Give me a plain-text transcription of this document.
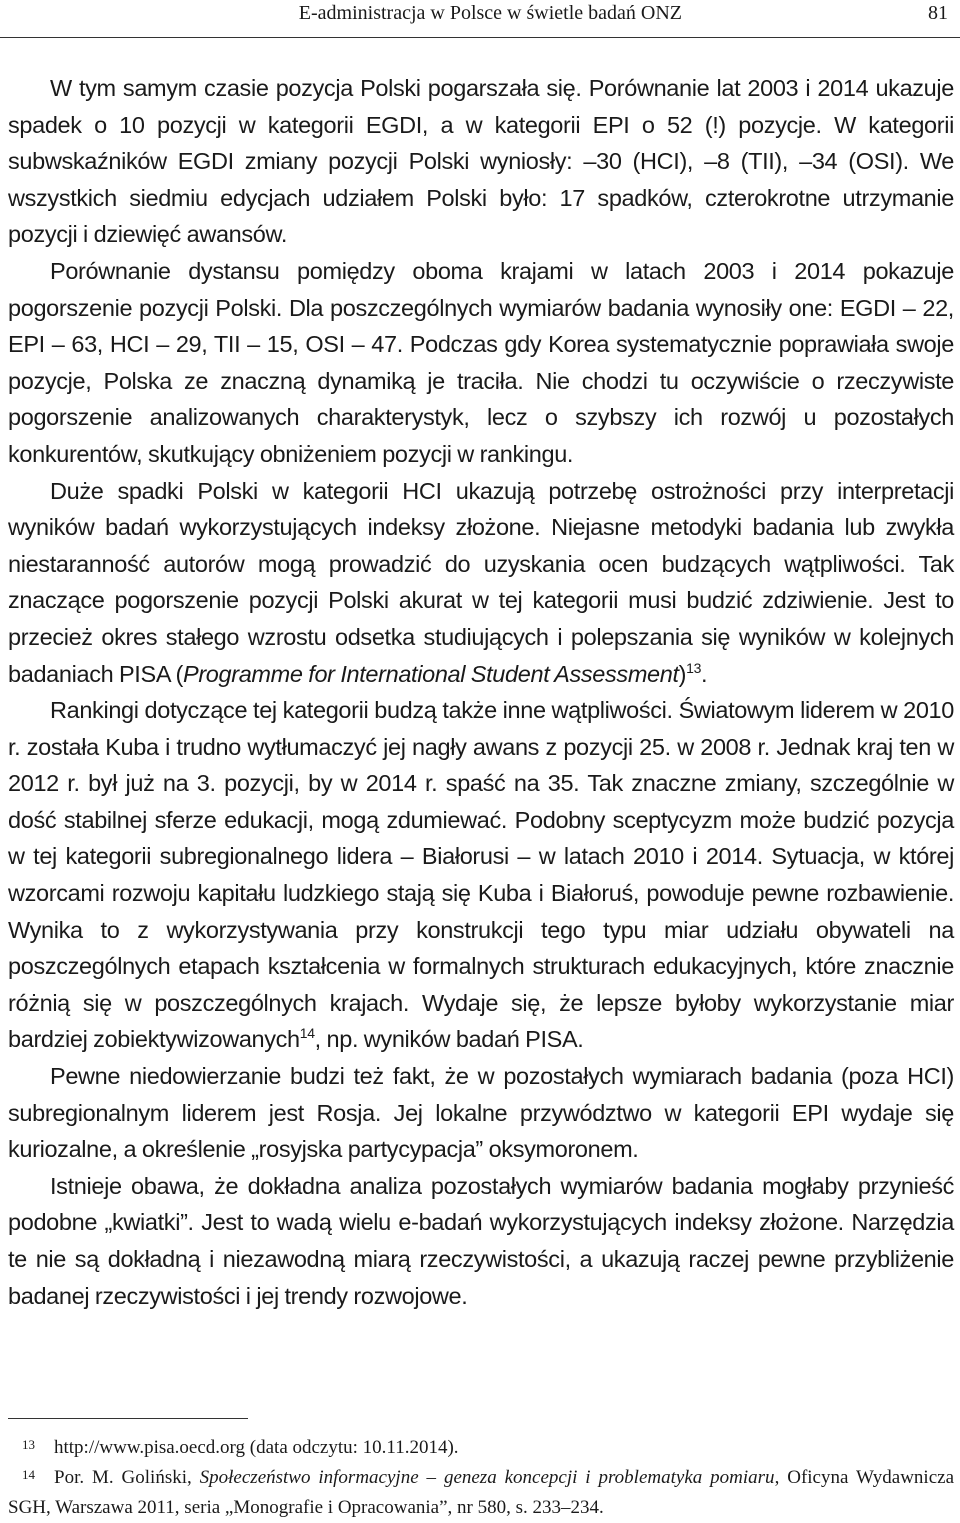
E-administracja w Polsce w świetle badań ONZ	81

W tym samym czasie pozycja Polski pogarszała się. Porównanie lat 2003 i 2014 ukazuje spadek o 10 pozycji w kategorii EGDI, a w kategorii EPI o 52 (!) pozycje. W kategorii subwskaźników EGDI zmiany pozycji Polski wyniosły: –30 (HCI), –8 (TII), –34 (OSI). We wszystkich siedmiu edycjach udziałem Polski było: 17 spadków, czterokrotne utrzymanie pozycji i dziewięć awansów.

Porównanie dystansu pomiędzy oboma krajami w latach 2003 i 2014 pokazuje pogorszenie pozycji Polski. Dla poszczególnych wymiarów badania wynosiły one: EGDI – 22, EPI – 63, HCI – 29, TII – 15, OSI – 47. Podczas gdy Korea systematycznie poprawiała swoje pozycje, Polska ze znaczną dynamiką je traciła. Nie chodzi tu oczywiście o rzeczywiste pogorszenie analizowanych charakterystyk, lecz o szybszy ich rozwój u pozostałych konkurentów, skutkujący obniżeniem pozycji w rankingu.

Duże spadki Polski w kategorii HCI ukazują potrzebę ostrożności przy interpretacji wyników badań wykorzystujących indeksy złożone. Niejasne metodyki badania lub zwykła niestaranność autorów mogą prowadzić do uzyskania ocen budzących wątpliwości. Tak znaczące pogorszenie pozycji Polski akurat w tej kategorii musi budzić zdziwienie. Jest to przecież okres stałego wzrostu odsetka studiujących i polepszania się wyników w kolejnych badaniach PISA (Programme for International Student Assessment)$^{13}$.

Rankingi dotyczące tej kategorii budzą także inne wątpliwości. Światowym liderem w 2010 r. została Kuba i trudno wytłumaczyć jej nagły awans z pozycji 25. w 2008 r. Jednak kraj ten w 2012 r. był już na 3. pozycji, by w 2014 r. spaść na 35. Tak znaczne zmiany, szczególnie w dość stabilnej sferze edukacji, mogą zdumiewać. Podobny sceptycyzm może budzić pozycja w tej kategorii subregionalnego lidera – Białorusi – w latach 2010 i 2014. Sytuacja, w której wzorcami rozwoju kapitału ludzkiego stają się Kuba i Białoruś, powoduje pewne rozbawienie. Wynika to z wykorzystywania przy konstrukcji tego typu miar udziału obywateli na poszczególnych etapach kształcenia w formalnych strukturach edukacyjnych, które znacznie różnią się w poszczególnych krajach. Wydaje się, że lepsze byłoby wykorzystanie miar bardziej zobiektywizowanych$^{14}$, np. wyników badań PISA.

Pewne niedowierzanie budzi też fakt, że w pozostałych wymiarach badania (poza HCI) subregionalnym liderem jest Rosja. Jej lokalne przywództwo w kategorii EPI wydaje się kuriozalne, a określenie „rosyjska partycypacja” oksymoronem.

Istnieje obawa, że dokładna analiza pozostałych wymiarów badania mogłaby przynieść podobne „kwiatki”. Jest to wadą wielu e-badań wykorzystujących indeksy złożone. Narzędzia te nie są dokładną i niezawodną miarą rzeczywistości, a ukazują raczej pewne przybliżenie badanej rzeczywistości i jej trendy rozwojowe.

13 http://www.pisa.oecd.org (data odczytu: 10.11.2014).
14 Por. M. Goliński, Społeczeństwo informacyjne – geneza koncepcji i problematyka pomiaru, Oficyna Wydawnicza SGH, Warszawa 2011, seria „Monografie i Opracowania”, nr 580, s. 233–234.
